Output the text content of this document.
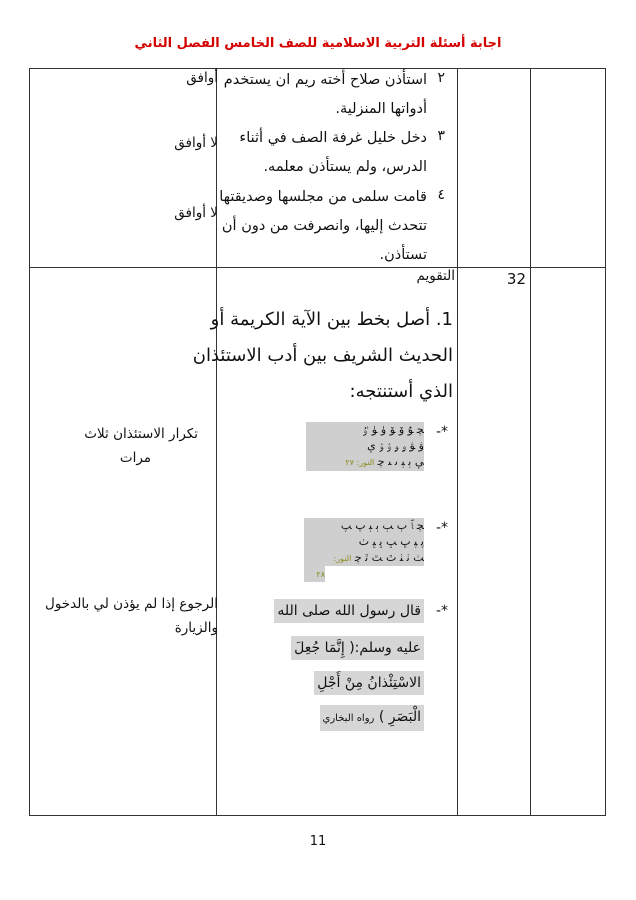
اجابة أسئلة التربية الاسلامية للصف الخامس الفصل الثاني
٢
استأذن صلاح أخته ريم ان يستخدم
أدواتها المنزلية.
أوافق
٣
دخل خليل غرفة الصف في أثناء
الدرس، ولم يستأذن معلمه.
لا أوافق
٤
قامت سلمى من مجلسها وصديقتها
تتحدث إليها، وانصرفت من دون أن
تستأذن.
لا أوافق
32
التقويم
1. أصل بخط بين الآية الكريمة أو
الحديث الشريف بين أدب الاستئذان
الذي أستنتجه:
*-
ﭽ ﯘ ﯙ ﯚ ﯛ ﯜ ﯝ
ﯞ ﯟ ﯠ ﯡ ﯢ ﯣ ﯤ
ﯥ ﯦ ﯧ ﯨ ﯩ ﭼ النور: ٢٧
*-
ﭽ ﭑ ﭒ ﭓ ﭔ ﭕ ﭖ ﭗ
ﭘ ﭙ ﭚ ﭛ ﭜ ﭝ ﭞ
ﭟ ﭠ ﭡ ﭢ ﭣ ﭤ ﭼ النور:
٢٨
*-
قال رسول الله صلى الله
عليه وسلم:( إِنَّمَا جُعِلَ
الاسْتِئْذانُ مِنْ أَجْلِ
الْبَصَرِ ) رواه البخاري
تكرار الاستئذان ثلاث
مرات
الرجوع إذا لم يؤذن لي بالدخول
والزيارة
11
